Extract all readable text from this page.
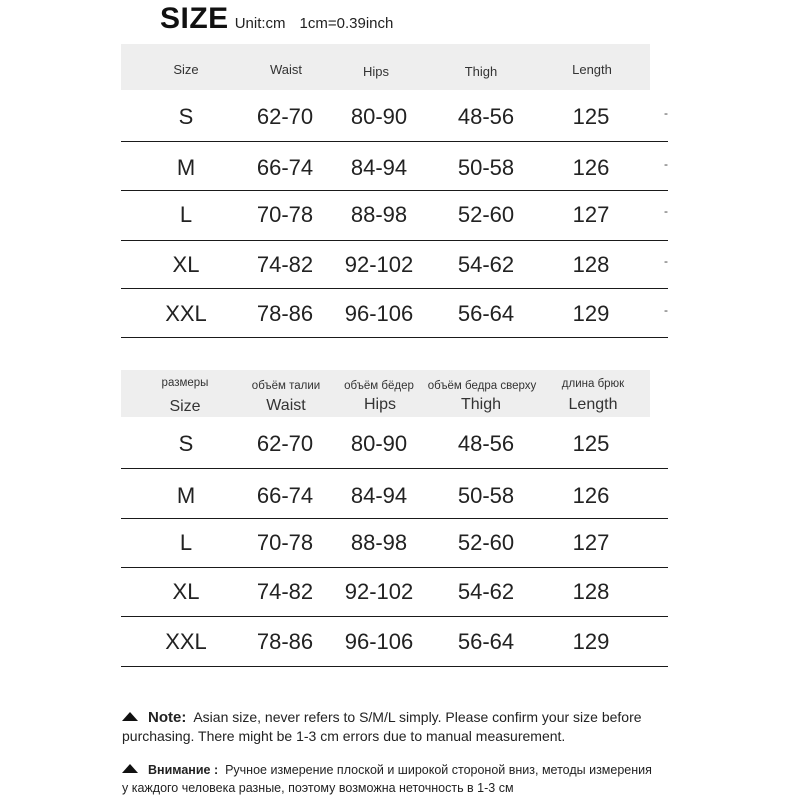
SIZE Unit:cm 1cm=0.39inch
Size	Waist	Hips	Thigh	Length
S	62-70	80-90	48-56	125	-
M	66-74	84-94	50-58	126	-
L	70-78	88-98	52-60	127	-
XL	74-82	92-102	54-62	128	-
XXL	78-86	96-106	56-64	129	-
размеры	объём талии	объём бёдер	объём бедра сверху	длина брюк
Size	Waist	Hips	Thigh	Length
S	62-70	80-90	48-56	125
M	66-74	84-94	50-58	126
L	70-78	88-98	52-60	127
XL	74-82	92-102	54-62	128
XXL	78-86	96-106	56-64	129
Note: Asian size, never refers to S/M/L simply. Please confirm your size before
purchasing. There might be 1-3 cm errors due to manual measurement.
Внимание : Ручное измерение плоской и широкой стороной вниз, методы измерения
у каждого человека разные, поэтому возможна неточность в 1-3 см
